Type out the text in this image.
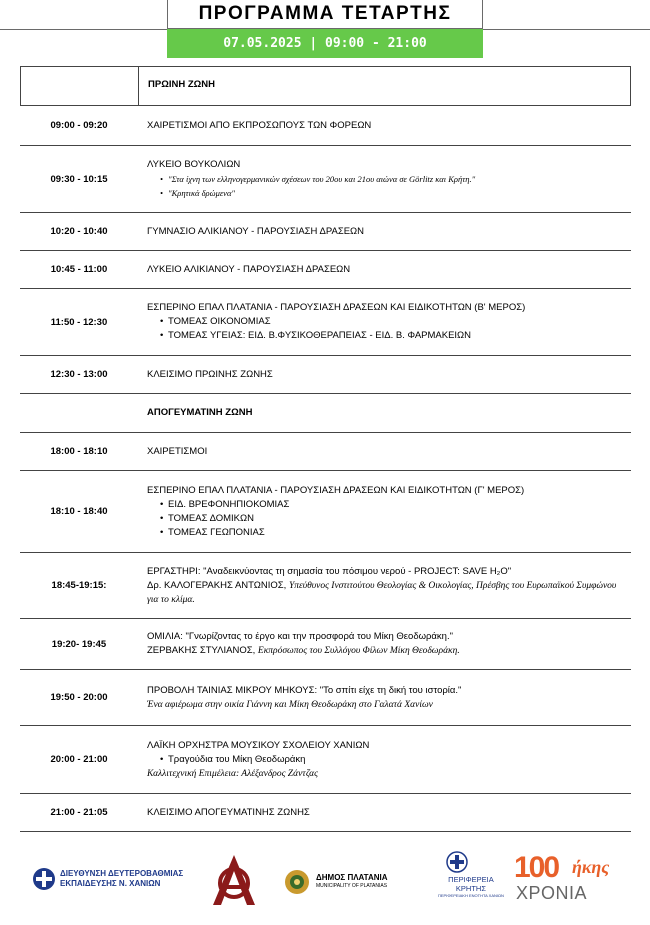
ΠΡΟΓΡΑΜΜΑ ΤΕΤΑΡΤΗΣ
07.05.2025 | 09:00 - 21:00
ΠΡΩΙΝΗ ΖΩΝΗ
09:00 - 09:20	ΧΑΙΡΕΤΙΣΜΟΙ ΑΠΟ ΕΚΠΡΟΣΩΠΟΥΣ ΤΩΝ ΦΟΡΕΩΝ
09:30 - 10:15
ΛΥΚΕΙΟ ΒΟΥΚΟΛΙΩΝ
• "Στα ίχνη των ελληνογερμανικών σχέσεων του 20ου και 21ου αιώνα σε Görlitz και Κρήτη."
• "Κρητικά δρώμενα"
10:20 - 10:40	ΓΥΜΝΑΣΙΟ ΑΛΙΚΙΑΝΟΥ - ΠΑΡΟΥΣΙΑΣΗ ΔΡΑΣΕΩΝ
10:45 - 11:00	ΛΥΚΕΙΟ ΑΛΙΚΙΑΝΟΥ - ΠΑΡΟΥΣΙΑΣΗ ΔΡΑΣΕΩΝ
11:50 - 12:30
ΕΣΠΕΡΙΝΟ ΕΠΑΛ ΠΛΑΤΑΝΙΑ - ΠΑΡΟΥΣΙΑΣΗ ΔΡΑΣΕΩΝ ΚΑΙ ΕΙΔΙΚΟΤΗΤΩΝ (Β' ΜΕΡΟΣ)
• ΤΟΜΕΑΣ ΟΙΚΟΝΟΜΙΑΣ
• ΤΟΜΕΑΣ ΥΓΕΙΑΣ: ΕΙΔ. Β.ΦΥΣΙΚΟΘΕΡΑΠΕΙΑΣ - ΕΙΔ. Β. ΦΑΡΜΑΚΕΙΩΝ
12:30 - 13:00	ΚΛΕΙΣΙΜΟ ΠΡΩΙΝΗΣ ΖΩΝΗΣ
ΑΠΟΓΕΥΜΑΤΙΝΗ ΖΩΝΗ
18:00 - 18:10	ΧΑΙΡΕΤΙΣΜΟΙ
18:10 - 18:40
ΕΣΠΕΡΙΝΟ ΕΠΑΛ ΠΛΑΤΑΝΙΑ - ΠΑΡΟΥΣΙΑΣΗ ΔΡΑΣΕΩΝ ΚΑΙ ΕΙΔΙΚΟΤΗΤΩΝ (Γ' ΜΕΡΟΣ)
• ΕΙΔ. ΒΡΕΦΟΝΗΠΙΟΚΟΜΙΑΣ
• ΤΟΜΕΑΣ ΔΟΜΙΚΩΝ
• ΤΟΜΕΑΣ ΓΕΩΠΟΝΙΑΣ
18:45-19:15:
ΕΡΓΑΣΤΗΡΙ: "Αναδεικνύοντας τη σημασία του πόσιμου νερού - PROJECT: SAVE H₂O"
Δρ. ΚΑΛΟΓΕΡΑΚΗΣ ΑΝΤΩΝΙΟΣ, Υπεύθυνος Ινστιτούτου Θεολογίας & Οικολογίας, Πρέσβης του Ευρωπαϊκού Συμφώνου για το κλίμα.
19:20- 19:45
ΟΜΙΛΙΑ: "Γνωρίζοντας το έργο και την προσφορά του Μίκη Θεοδωράκη."
ΖΕΡΒΑΚΗΣ ΣΤΥΛΙΑΝΟΣ, Εκπρόσωπος του Συλλόγου Φίλων Μίκη Θεοδωράκη.
19:50 - 20:00
ΠΡΟΒΟΛΗ ΤΑΙΝΙΑΣ ΜΙΚΡΟΥ ΜΗΚΟΥΣ: "Το σπίτι είχε τη δική του ιστορία."
Ένα αφιέρωμα στην οικία Γιάννη και Μίκη Θεοδωράκη στο Γαλατά Χανίων
20:00 - 21:00
ΛΑΪΚΗ ΟΡΧΗΣΤΡΑ ΜΟΥΣΙΚΟΥ ΣΧΟΛΕΙΟΥ ΧΑΝΙΩΝ
• Τραγούδια του Μίκη Θεοδωράκη
Καλλιτεχνική Επιμέλεια: Αλέξανδρος Ζάντζας
21:00 - 21:05	ΚΛΕΙΣΙΜΟ ΑΠΟΓΕΥΜΑΤΙΝΗΣ ΖΩΝΗΣ
ΔΙΕΥΘΥΝΣΗ ΔΕΥΤΕΡΟΒΑΘΜΙΑΣ
ΕΚΠΑΙΔΕΥΣΗΣ Ν. ΧΑΝΙΩΝ
ΔΗΜΟΣ ΠΛΑΤΑΝΙΑ
MUNICIPALITY OF PLATANIAS
ΠΕΡΙΦΕΡΕΙΑ
ΚΡΗΤΗΣ
ΠΕΡΙΦΕΡΕΙΑΚΗ ΕΝΟΤΗΤΑ ΧΑΝΙΩΝ
100 ήκης
ΧΡΟΝΙΑ
